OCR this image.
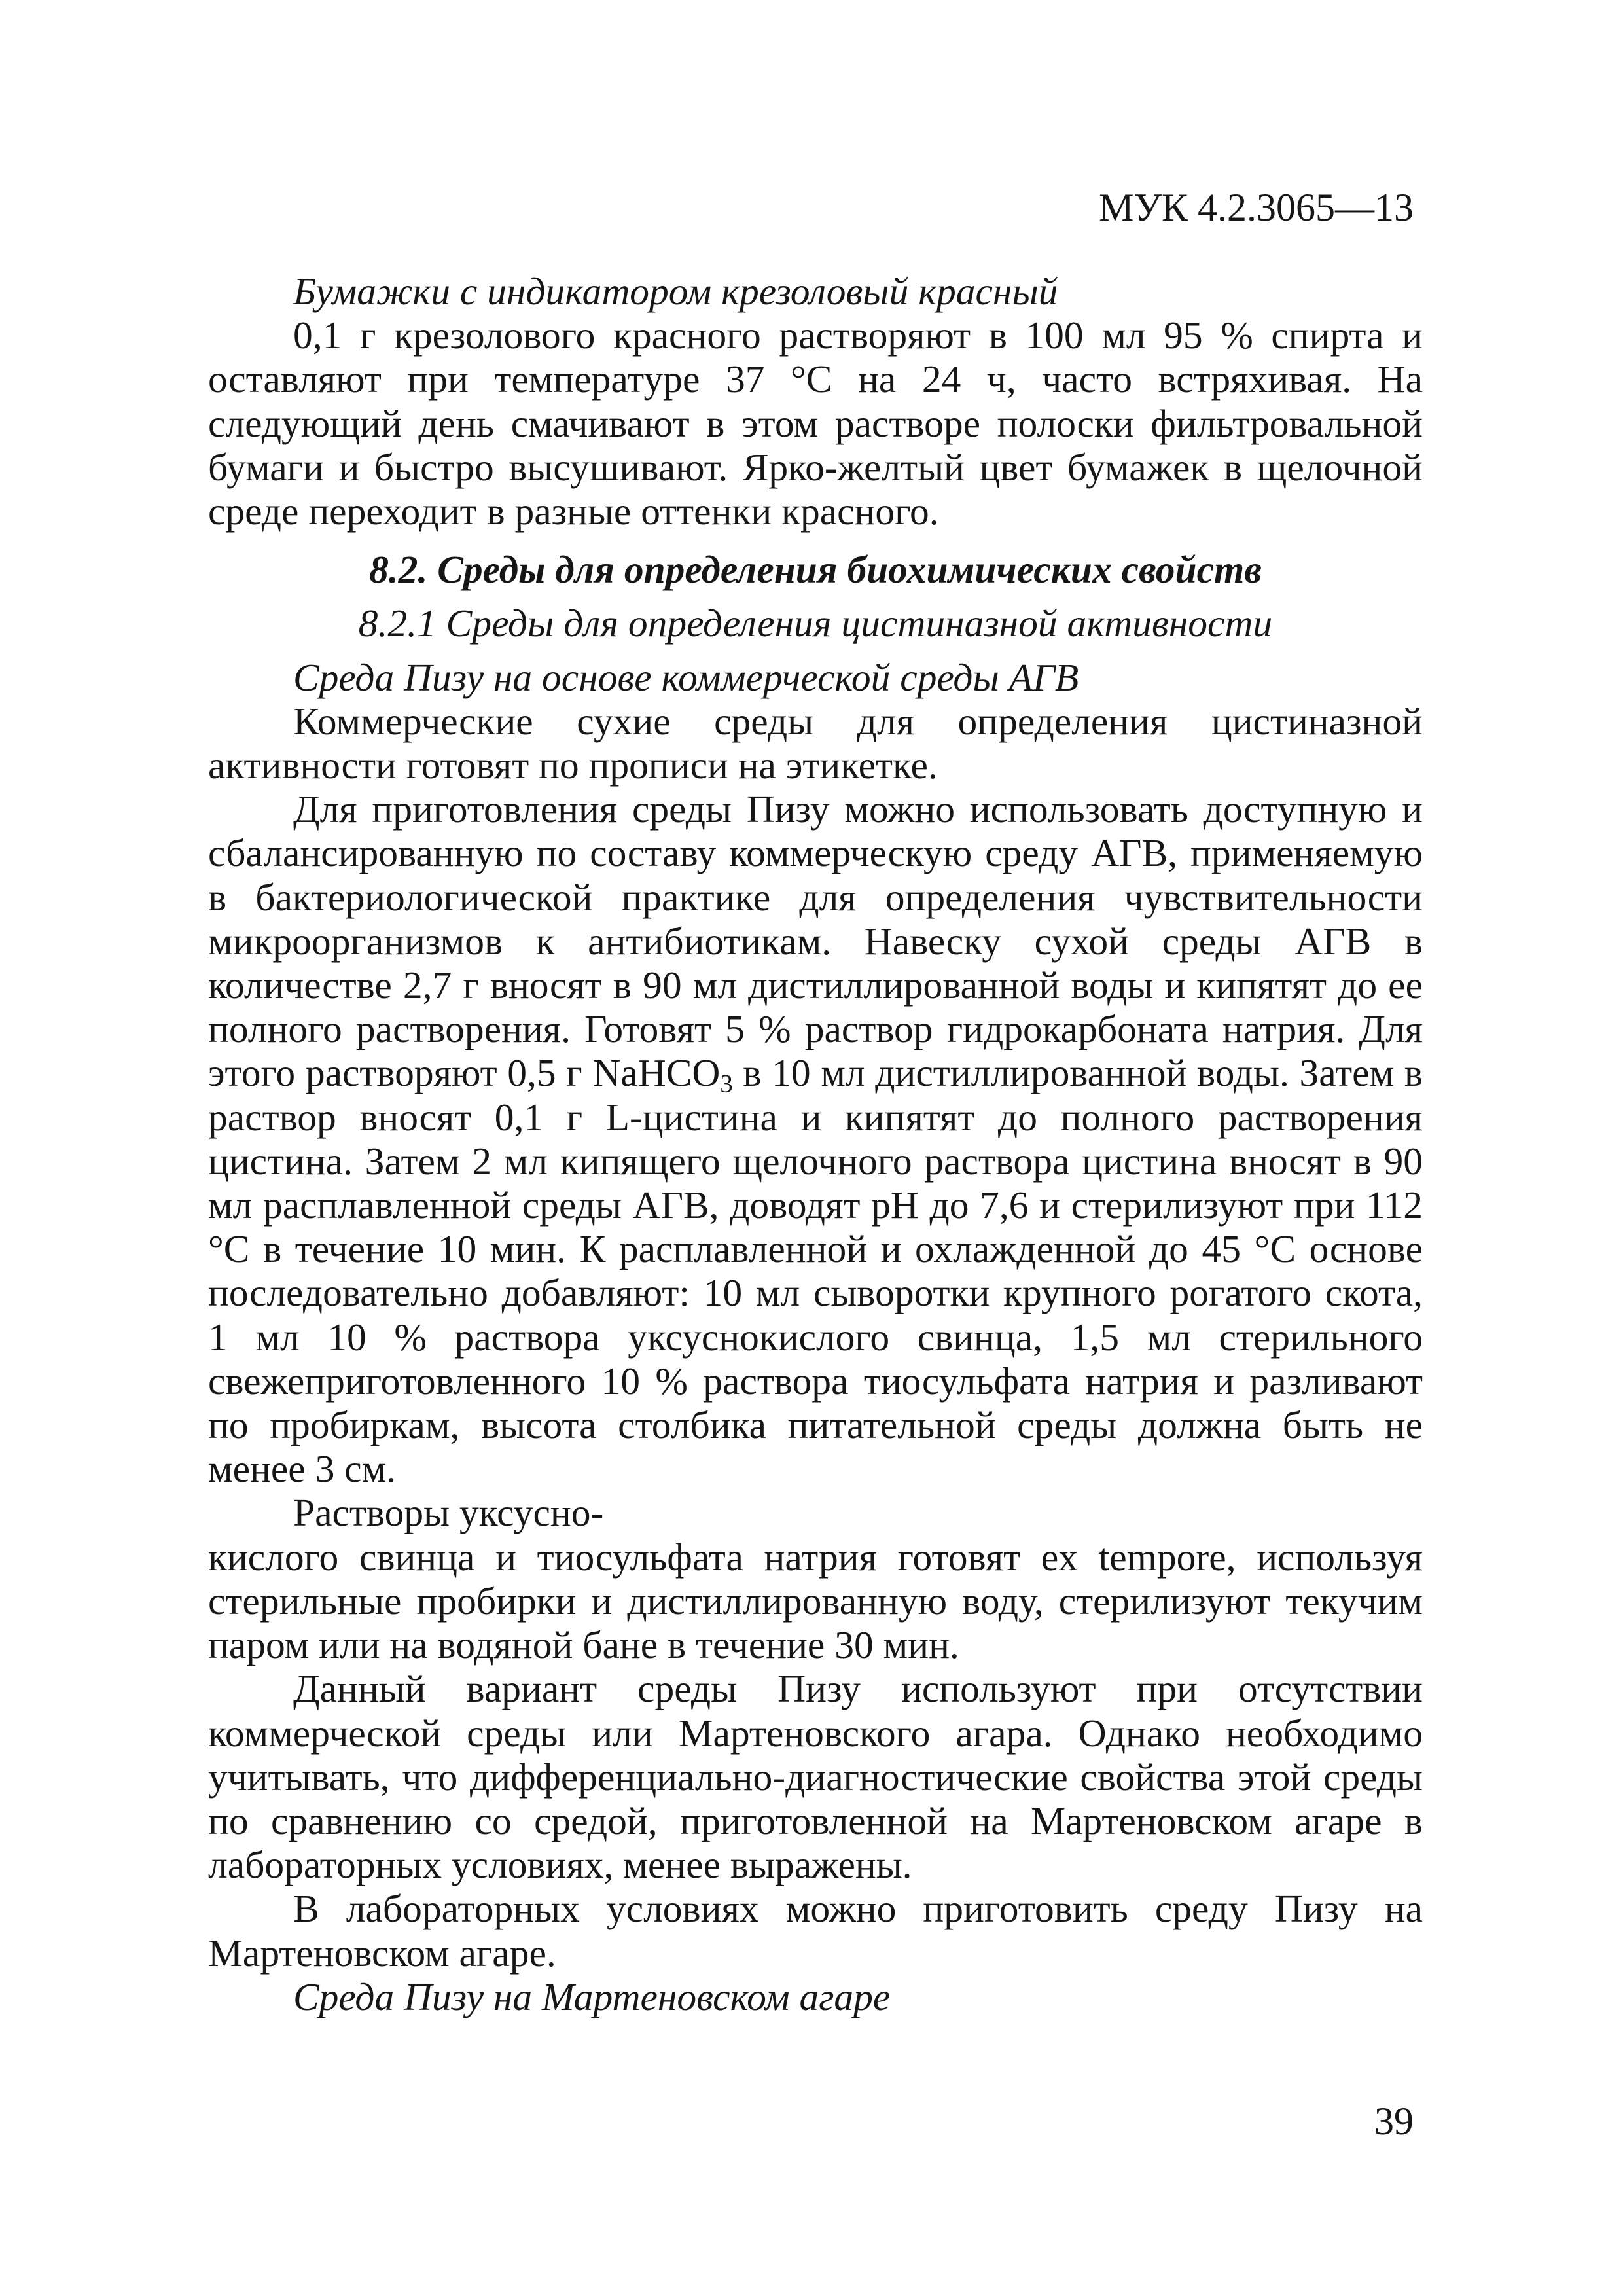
МУК 4.2.3065—13

Бумажки с индикатором крезоловый красный

0,1 г крезолового красного растворяют в 100 мл 95 % спирта и оставляют при температуре 37 °С на 24 ч, часто встряхивая. На следующий день смачивают в этом растворе полоски фильтровальной бумаги и быстро высушивают. Ярко-желтый цвет бумажек в щелочной среде переходит в разные оттенки красного.

8.2. Среды для определения биохимических свойств

8.2.1 Среды для определения цистиназной активности

Среда Пизу на основе коммерческой среды АГВ

Коммерческие сухие среды для определения цистиназной активности готовят по прописи на этикетке.

Для приготовления среды Пизу можно использовать доступную и сбалансированную по составу коммерческую среду АГВ, применяемую в бактериологической практике для определения чувствительности микроорганизмов к антибиотикам. Навеску сухой среды АГВ в количестве 2,7 г вносят в 90 мл дистиллированной воды и кипятят до ее полного растворения. Готовят 5 % раствор гидрокарбоната натрия. Для этого растворяют 0,5 г NaHCO$_3$ в 10 мл дистиллированной воды. Затем в раствор вносят 0,1 г L-цистина и кипятят до полного растворения цистина. Затем 2 мл кипящего щелочного раствора цистина вносят в 90 мл расплавленной среды АГВ, доводят рН до 7,6 и стерилизуют при 112 °С в течение 10 мин. К расплавленной и охлажденной до 45 °С основе последовательно добавляют: 10 мл сыворотки крупного рогатого скота, 1 мл 10 % раствора уксуснокислого свинца, 1,5 мл стерильного свежеприготовленного 10 % раствора тиосульфата натрия и разливают по пробиркам, высота столбика питательной среды должна быть не менее 3 см.

Растворы уксусно-

кислого свинца и тиосульфата натрия готовят ex tempore, используя стерильные пробирки и дистиллированную воду, стерилизуют текучим паром или на водяной бане в течение 30 мин.

Данный вариант среды Пизу используют при отсутствии коммерческой среды или Мартеновского агара. Однако необходимо учитывать, что дифференциально-диагностические свойства этой среды по сравнению со средой, приготовленной на Мартеновском агаре в лабораторных условиях, менее выражены.

В лабораторных условиях можно приготовить среду Пизу на Мартеновском агаре.

Среда Пизу на Мартеновском агаре

39
